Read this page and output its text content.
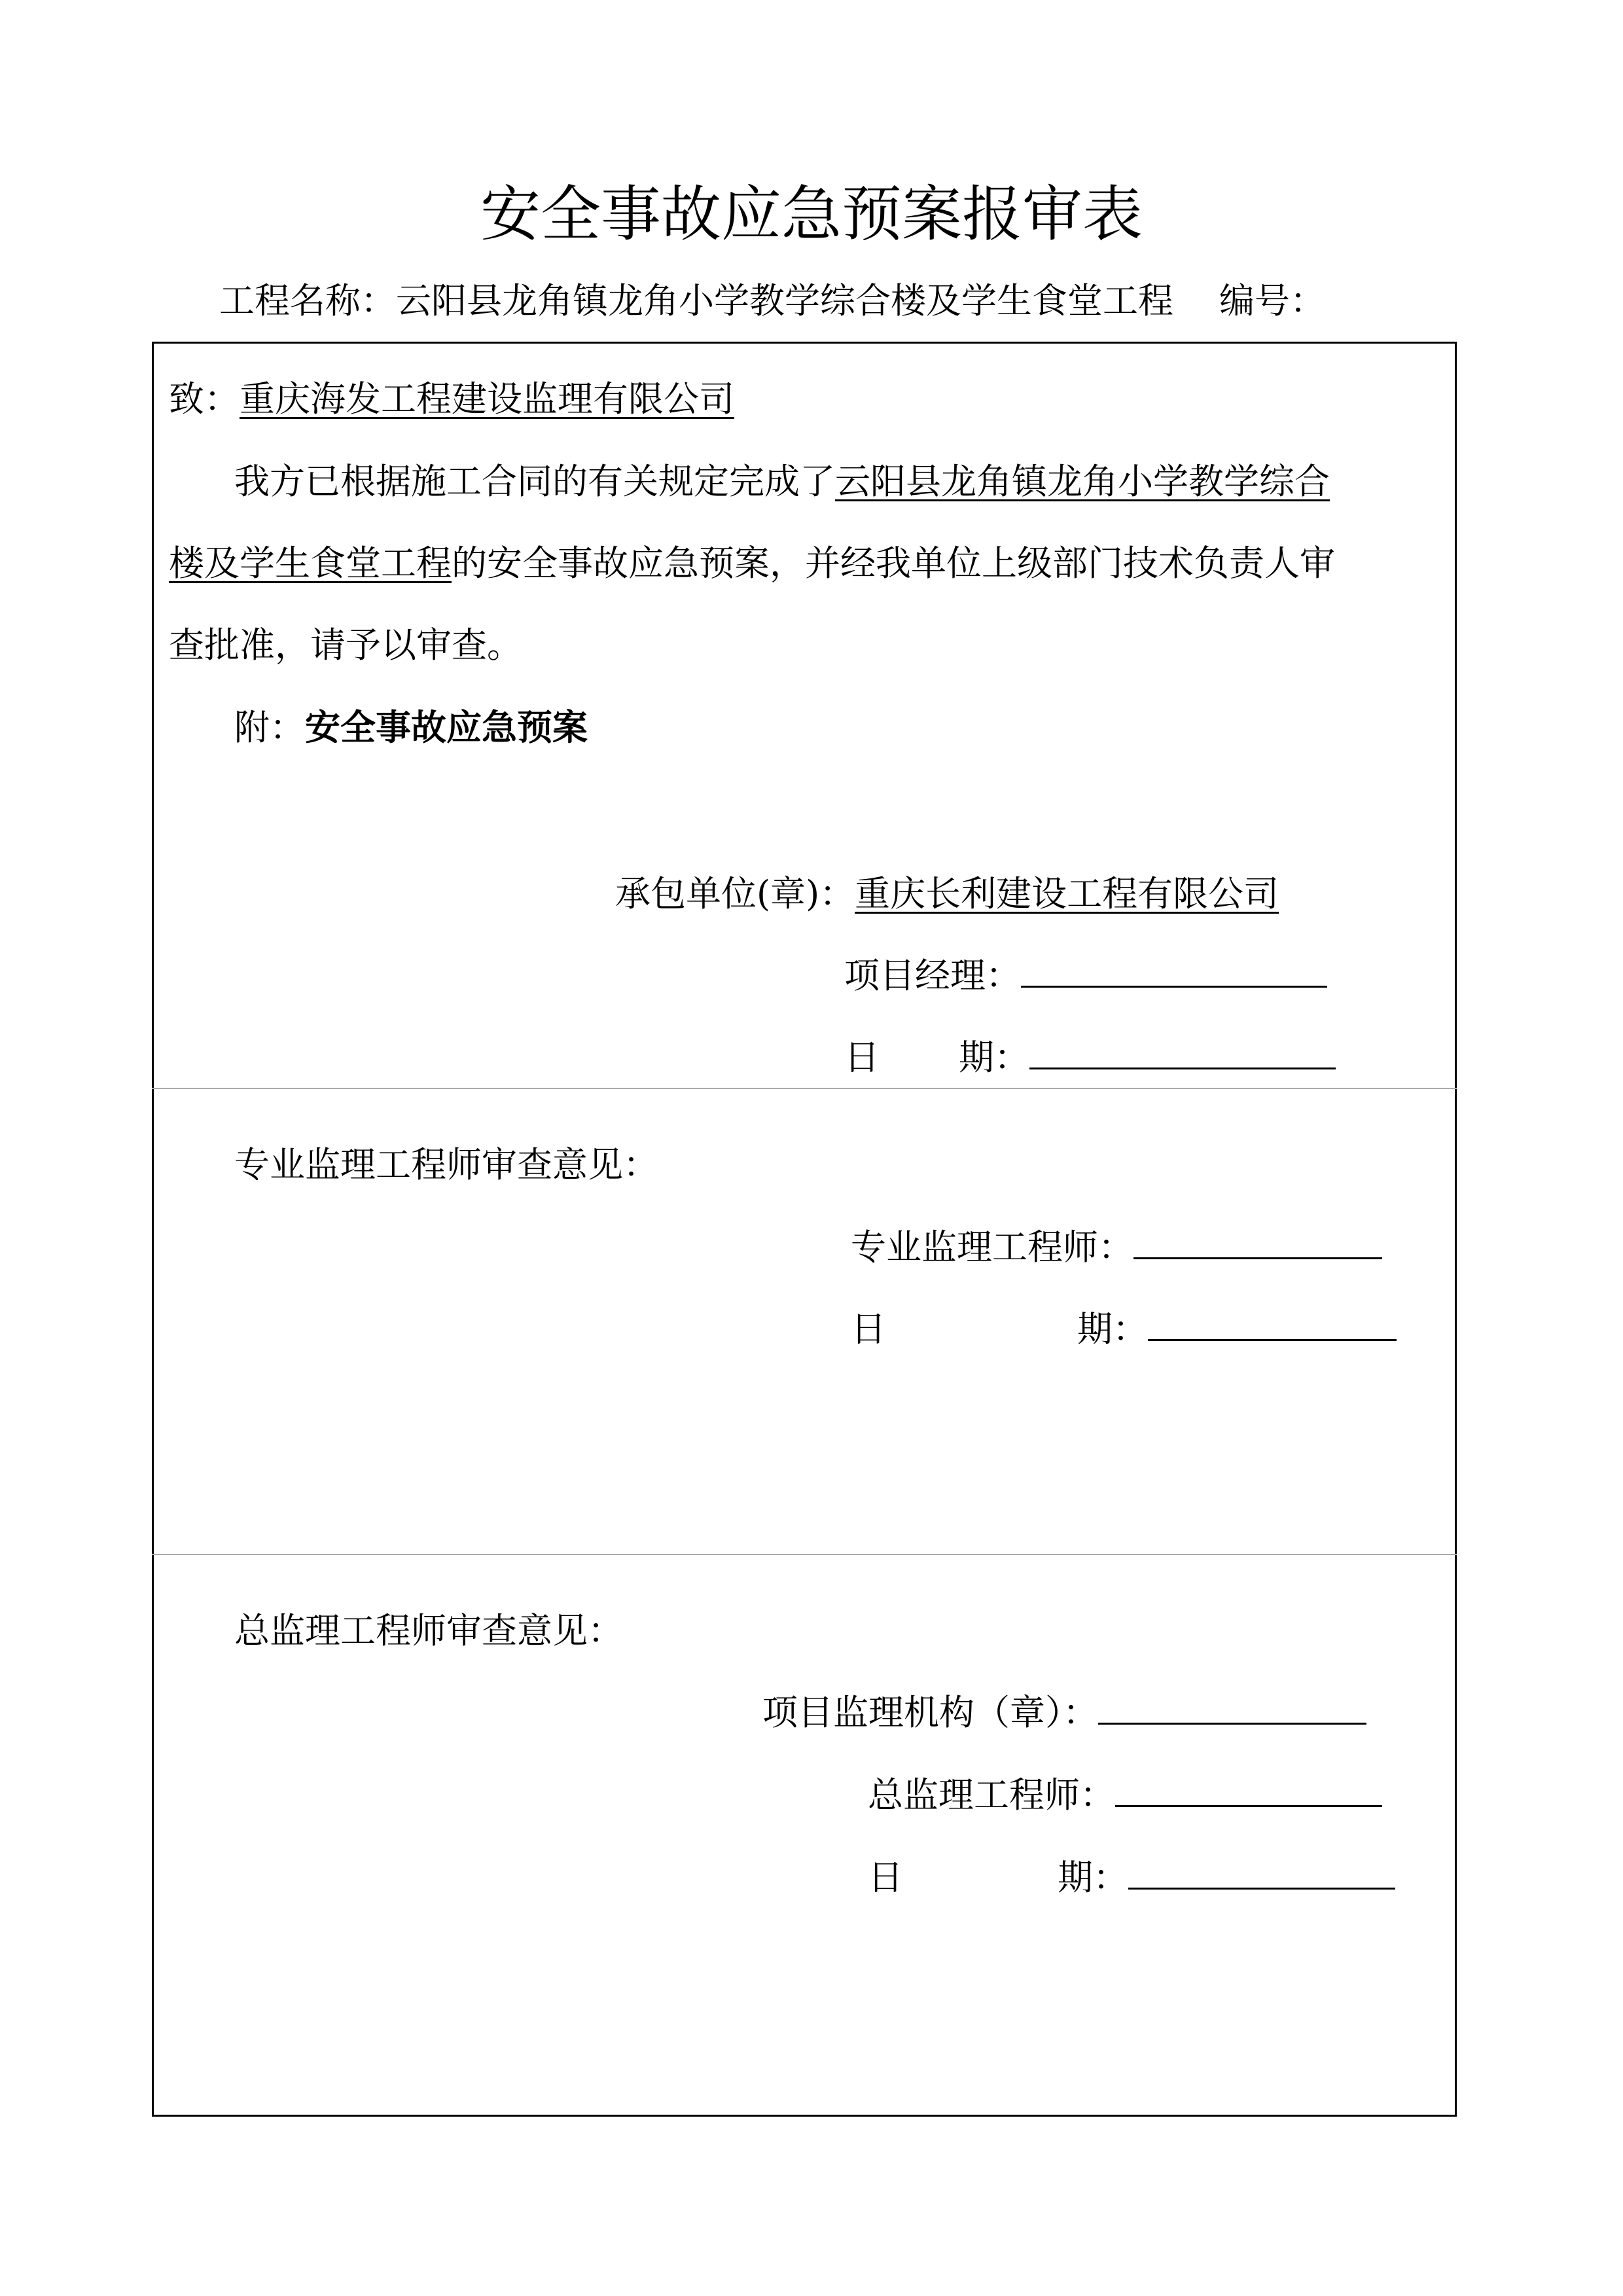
安全事故应急预案报审表
工程名称：云阳县龙角镇龙角小学教学综合楼及学生食堂工程 编号：
致：重庆海发工程建设监理有限公司
我方已根据施工合同的有关规定完成了云阳县龙角镇龙角小学教学综合
楼及学生食堂工程的安全事故应急预案，并经我单位上级部门技术负责人审
查批准，请予以审查。
附：安全事故应急预案
承包单位(章)：重庆长利建设工程有限公司
项目经理：
日 期：
专业监理工程师审查意见：
专业监理工程师：
日	期：
总监理工程师审查意见：
项目监理机构（章）：
总监理工程师：
日	期：
